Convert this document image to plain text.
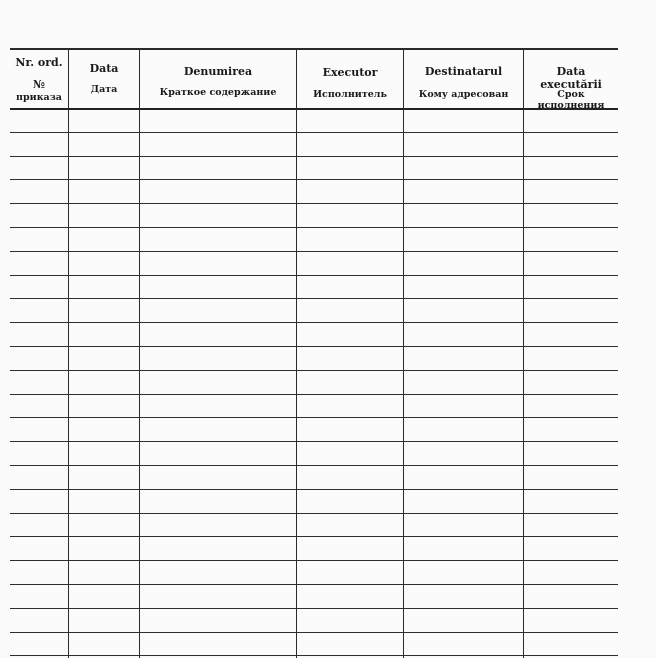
Nr. ord.
№
приказа
Data
Дата
Denumirea
Краткое содержание
Executor
Исполнитель
Destinatarul
Кому адресован
Data executării
Срок исполнения
